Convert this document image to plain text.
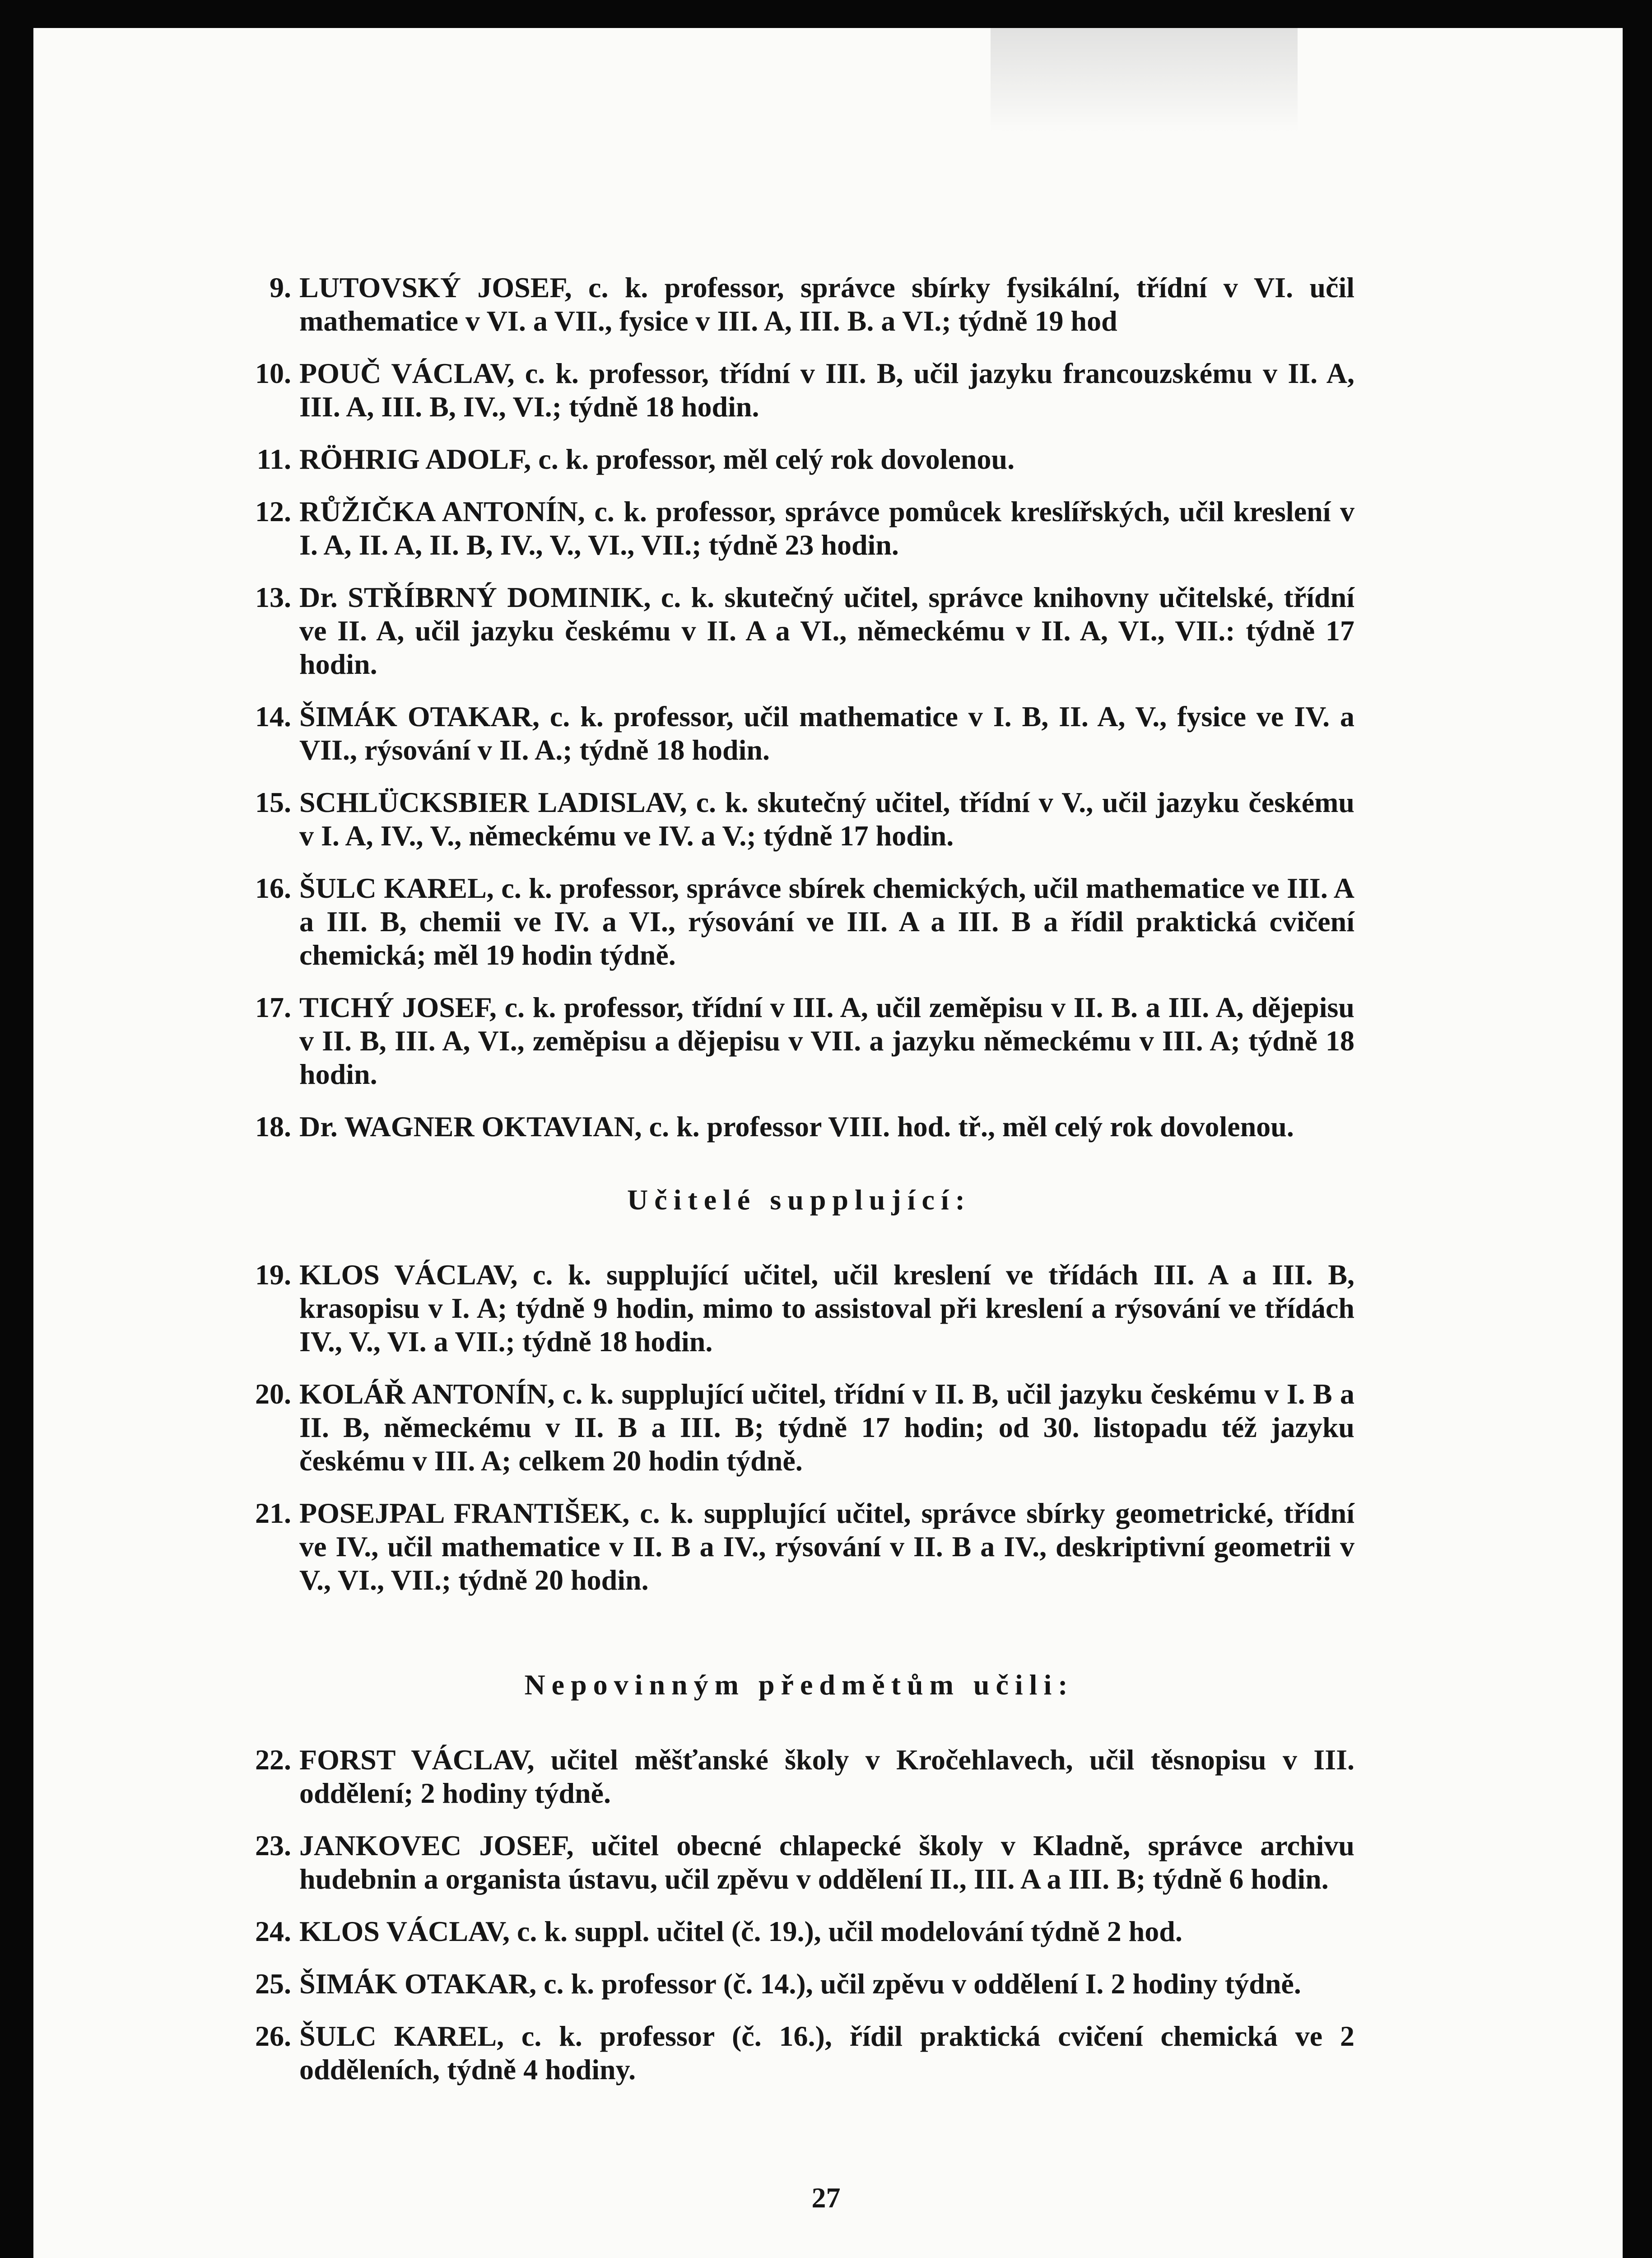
9. LUTOVSKÝ JOSEF, c. k. professor, správce sbírky fysikální, třídní v VI. učil mathematice v VI. a VII., fysice v III. A, III. B. a VI.; týdně 19 hod
10. POUČ VÁCLAV, c. k. professor, třídní v III. B, učil jazyku francouzskému v II. A, III. A, III. B, IV., VI.; týdně 18 hodin.
11. RÖHRIG ADOLF, c. k. professor, měl celý rok dovolenou.
12. RŮŽIČKA ANTONÍN, c. k. professor, správce pomůcek kreslířských, učil kreslení v I. A, II. A, II. B, IV., V., VI., VII.; týdně 23 hodin.
13. Dr. STŘÍBRNÝ DOMINIK, c. k. skutečný učitel, správce knihovny učitelské, třídní ve II. A, učil jazyku českému v II. A a VI., německému v II. A, VI., VII.: týdně 17 hodin.
14. ŠIMÁK OTAKAR, c. k. professor, učil mathematice v I. B, II. A, V., fysice ve IV. a VII., rýsování v II. A.; týdně 18 hodin.
15. SCHLÜCKSBIER LADISLAV, c. k. skutečný učitel, třídní v V., učil jazyku českému v I. A, IV., V., německému ve IV. a V.; týdně 17 hodin.
16. ŠULC KAREL, c. k. professor, správce sbírek chemických, učil mathematice ve III. A a III. B, chemii ve IV. a VI., rýsování ve III. A a III. B a řídil praktická cvičení chemická; měl 19 hodin týdně.
17. TICHÝ JOSEF, c. k. professor, třídní v III. A, učil zeměpisu v II. B. a III. A, dějepisu v II. B, III. A, VI., zeměpisu a dějepisu v VII. a jazyku německému v III. A; týdně 18 hodin.
18. Dr. WAGNER OKTAVIAN, c. k. professor VIII. hod. tř., měl celý rok dovolenou.
Učitelé supplující:
19. KLOS VÁCLAV, c. k. supplující učitel, učil kreslení ve třídách III. A a III. B, krasopisu v I. A; týdně 9 hodin, mimo to assistoval při kreslení a rýsování ve třídách IV., V., VI. a VII.; týdně 18 hodin.
20. KOLÁŘ ANTONÍN, c. k. supplující učitel, třídní v II. B, učil jazyku českému v I. B a II. B, německému v II. B a III. B; týdně 17 hodin; od 30. listopadu též jazyku českému v III. A; celkem 20 hodin týdně.
21. POSEJPAL FRANTIŠEK, c. k. supplující učitel, správce sbírky geometrické, třídní ve IV., učil mathematice v II. B a IV., rýsování v II. B a IV., deskriptivní geometrii v V., VI., VII.; týdně 20 hodin.
Nepovinným předmětům učili:
22. FORST VÁCLAV, učitel měšťanské školy v Kročehlavech, učil těsnopisu v III. oddělení; 2 hodiny týdně.
23. JANKOVEC JOSEF, učitel obecné chlapecké školy v Kladně, správce archivu hudebnin a organista ústavu, učil zpěvu v oddělení II., III. A a III. B; týdně 6 hodin.
24. KLOS VÁCLAV, c. k. suppl. učitel (č. 19.), učil modelování týdně 2 hod.
25. ŠIMÁK OTAKAR, c. k. professor (č. 14.), učil zpěvu v oddělení I. 2 hodiny týdně.
26. ŠULC KAREL, c. k. professor (č. 16.), řídil praktická cvičení chemická ve 2 odděleních, týdně 4 hodiny.
27
